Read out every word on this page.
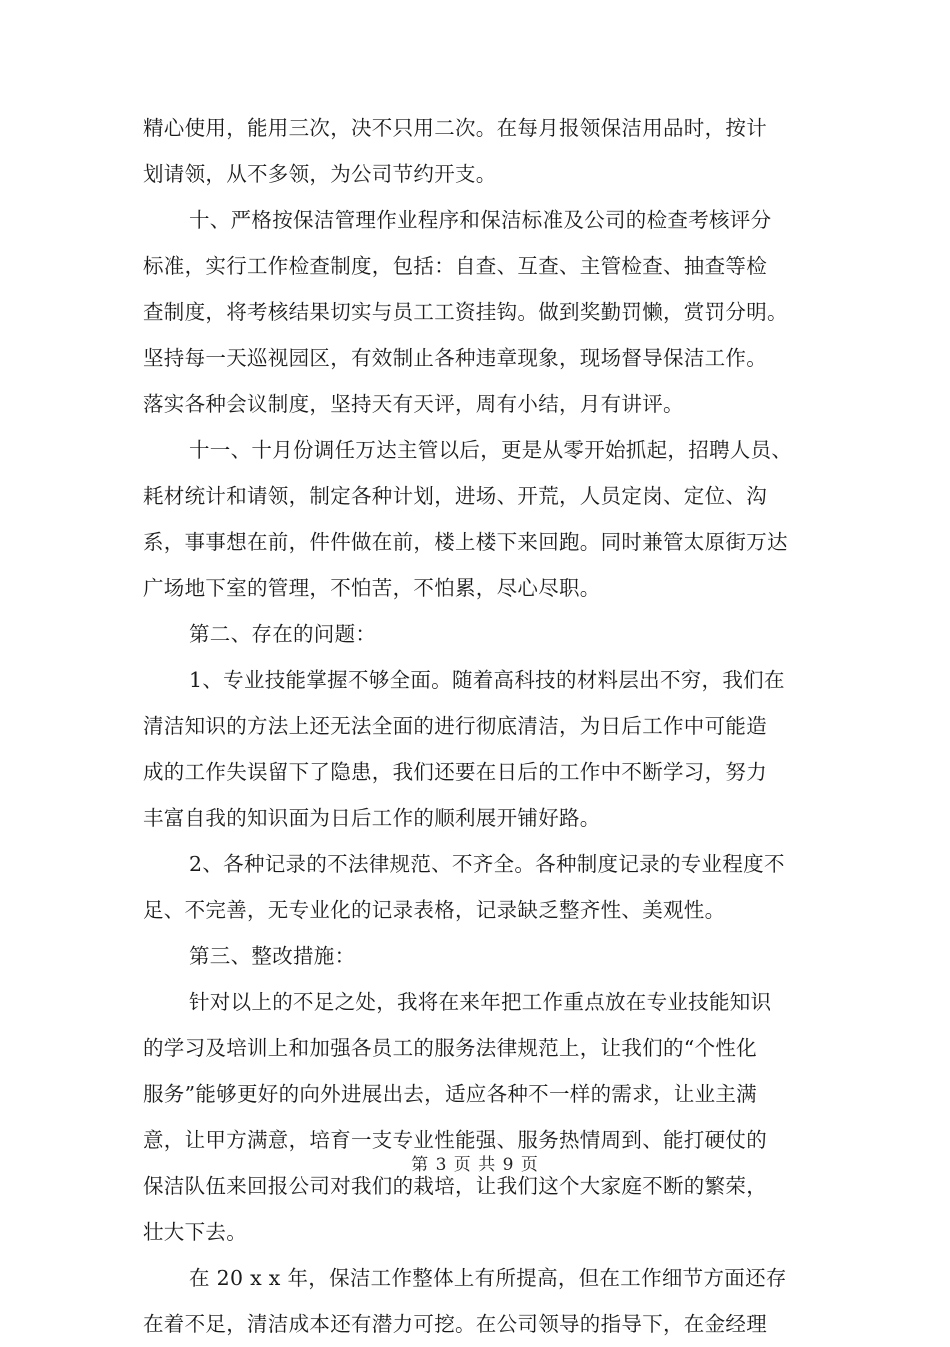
精心使用，能用三次，决不只用二次。在每月报领保洁用品时，按计
划请领，从不多领，为公司节约开支。
十、严格按保洁管理作业程序和保洁标准及公司的检查考核评分
标准，实行工作检查制度，包括：自查、互查、主管检查、抽查等检
查制度，将考核结果切实与员工工资挂钩。做到奖勤罚懒，赏罚分明。
坚持每一天巡视园区，有效制止各种违章现象，现场督导保洁工作。
落实各种会议制度，坚持天有天评，周有小结，月有讲评。
十一、十月份调任万达主管以后，更是从零开始抓起，招聘人员、
耗材统计和请领，制定各种计划，进场、开荒，人员定岗、定位、沟
系，事事想在前，件件做在前，楼上楼下来回跑。同时兼管太原街万达
广场地下室的管理，不怕苦，不怕累，尽心尽职。
第二、存在的问题：
1、专业技能掌握不够全面。随着高科技的材料层出不穷，我们在
清洁知识的方法上还无法全面的进行彻底清洁，为日后工作中可能造
成的工作失误留下了隐患，我们还要在日后的工作中不断学习，努力
丰富自我的知识面为日后工作的顺利展开铺好路。
2、各种记录的不法律规范、不齐全。各种制度记录的专业程度不
足、不完善，无专业化的记录表格，记录缺乏整齐性、美观性。
第三、整改措施：
针对以上的不足之处，我将在来年把工作重点放在专业技能知识
的学习及培训上和加强各员工的服务法律规范上，让我们的“个性化
服务”能够更好的向外进展出去，适应各种不一样的需求，让业主满
意，让甲方满意，培育一支专业性能强、服务热情周到、能打硬仗的
保洁队伍来回报公司对我们的栽培，让我们这个大家庭不断的繁荣，
壮大下去。
在 20 x x 年，保洁工作整体上有所提高，但在工作细节方面还存
在着不足，清洁成本还有潜力可挖。在公司领导的指导下，在金经理
第 3 页 共 9 页
